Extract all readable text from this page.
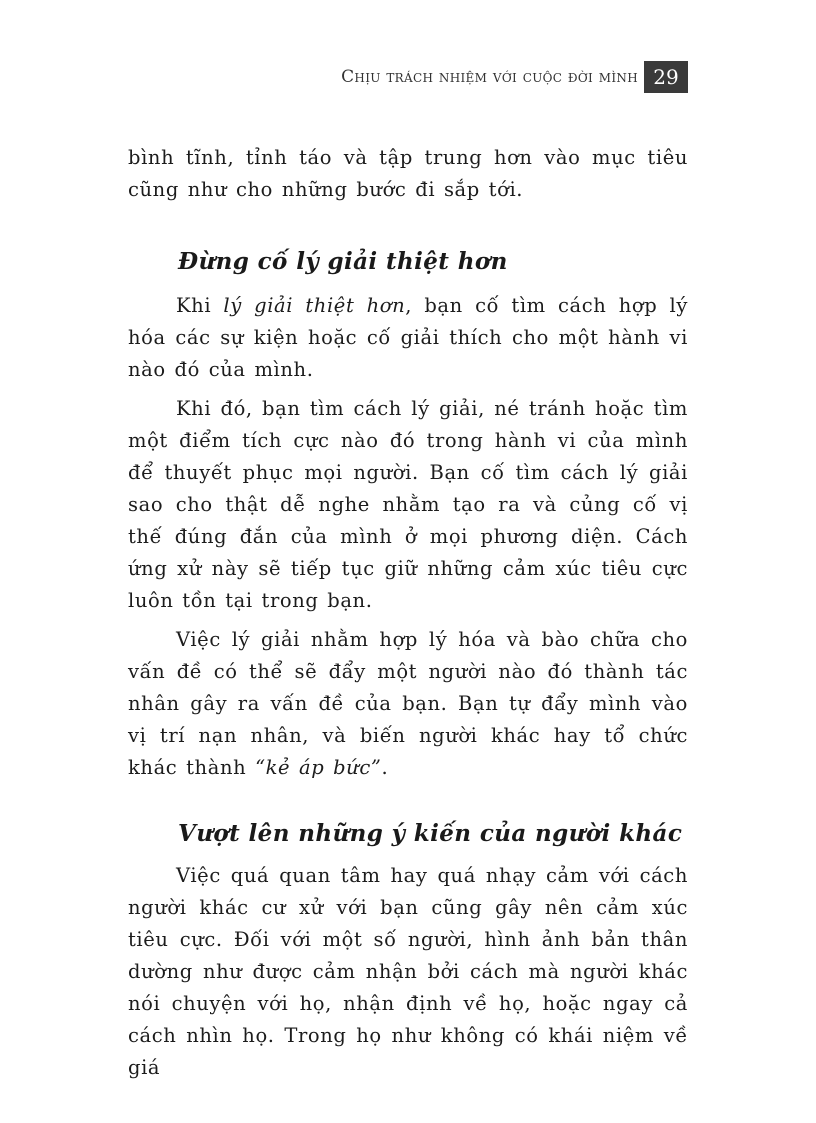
Chịu trách nhiệm với cuộc đời mình 29

bình tĩnh, tỉnh táo và tập trung hơn vào mục tiêu cũng như cho những bước đi sắp tới.

Đừng cố lý giải thiệt hơn

Khi lý giải thiệt hơn, bạn cố tìm cách hợp lý hóa các sự kiện hoặc cố giải thích cho một hành vi nào đó của mình.

Khi đó, bạn tìm cách lý giải, né tránh hoặc tìm một điểm tích cực nào đó trong hành vi của mình để thuyết phục mọi người. Bạn cố tìm cách lý giải sao cho thật dễ nghe nhằm tạo ra và củng cố vị thế đúng đắn của mình ở mọi phương diện. Cách ứng xử này sẽ tiếp tục giữ những cảm xúc tiêu cực luôn tồn tại trong bạn.

Việc lý giải nhằm hợp lý hóa và bào chữa cho vấn đề có thể sẽ đẩy một người nào đó thành tác nhân gây ra vấn đề của bạn. Bạn tự đẩy mình vào vị trí nạn nhân, và biến người khác hay tổ chức khác thành “kẻ áp bức”.

Vượt lên những ý kiến của người khác

Việc quá quan tâm hay quá nhạy cảm với cách người khác cư xử với bạn cũng gây nên cảm xúc tiêu cực. Đối với một số người, hình ảnh bản thân dường như được cảm nhận bởi cách mà người khác nói chuyện với họ, nhận định về họ, hoặc ngay cả cách nhìn họ. Trong họ như không có khái niệm về giá
